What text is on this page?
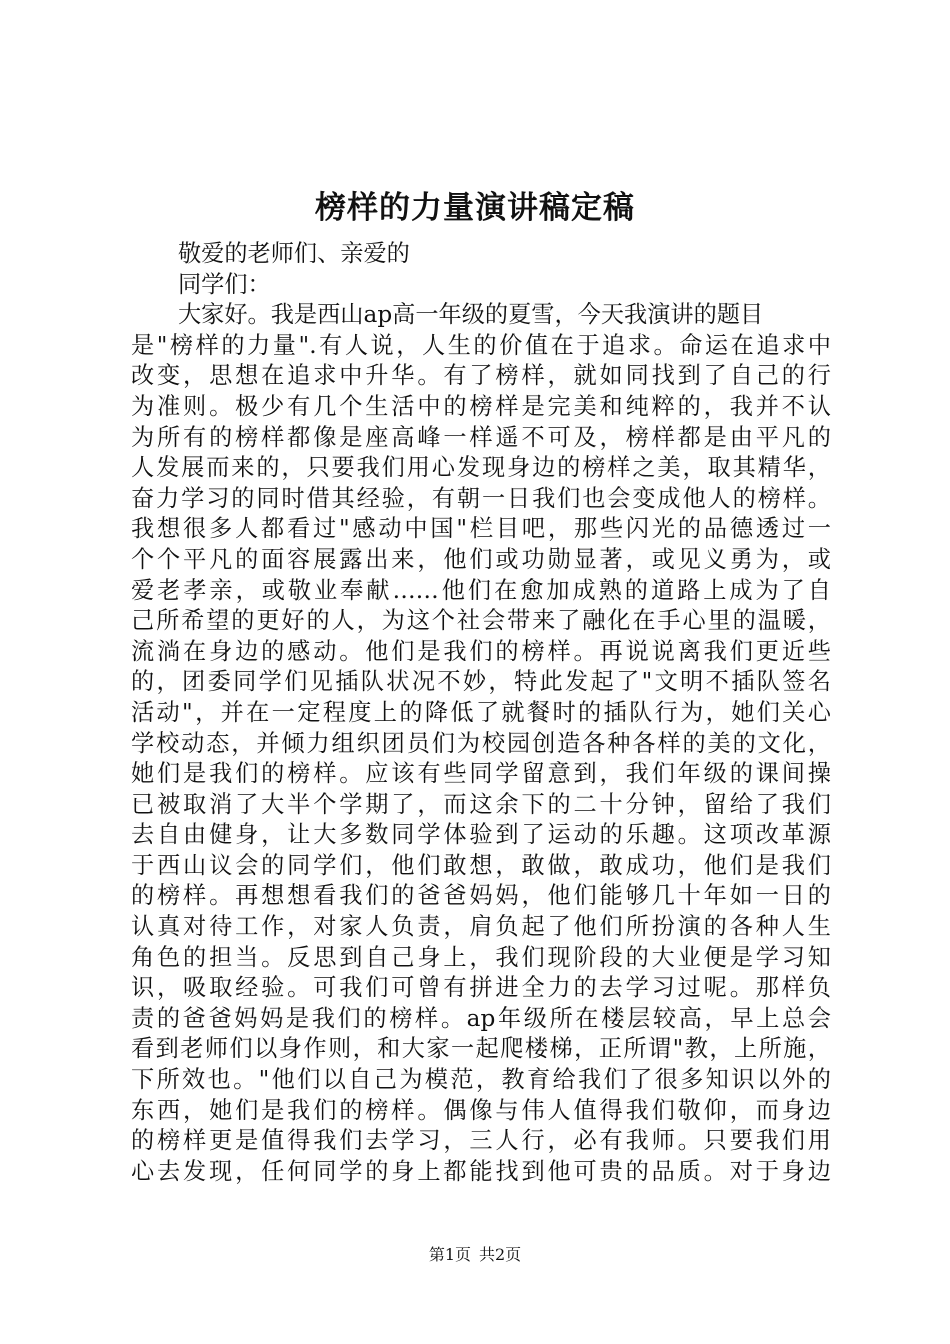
榜样的力量演讲稿定稿
敬爱的老师们、亲爱的
同学们：
大家好。我是西山ap高一年级的夏雪，今天我演讲的题目
是"榜样的力量".有人说，人生的价值在于追求。命运在追求中
改变，思想在追求中升华。有了榜样，就如同找到了自己的行
为准则。极少有几个生活中的榜样是完美和纯粹的，我并不认
为所有的榜样都像是座高峰一样遥不可及，榜样都是由平凡的
人发展而来的，只要我们用心发现身边的榜样之美，取其精华，
奋力学习的同时借其经验，有朝一日我们也会变成他人的榜样。
我想很多人都看过"感动中国"栏目吧，那些闪光的品德透过一
个个平凡的面容展露出来，他们或功勋显著，或见义勇为，或
爱老孝亲，或敬业奉献……他们在愈加成熟的道路上成为了自
己所希望的更好的人，为这个社会带来了融化在手心里的温暖，
流淌在身边的感动。他们是我们的榜样。再说说离我们更近些
的，团委同学们见插队状况不妙，特此发起了"文明不插队签名
活动"，并在一定程度上的降低了就餐时的插队行为，她们关心
学校动态，并倾力组织团员们为校园创造各种各样的美的文化，
她们是我们的榜样。应该有些同学留意到，我们年级的课间操
已被取消了大半个学期了，而这余下的二十分钟，留给了我们
去自由健身，让大多数同学体验到了运动的乐趣。这项改革源
于西山议会的同学们，他们敢想，敢做，敢成功，他们是我们
的榜样。再想想看我们的爸爸妈妈，他们能够几十年如一日的
认真对待工作，对家人负责，肩负起了他们所扮演的各种人生
角色的担当。反思到自己身上，我们现阶段的大业便是学习知
识，吸取经验。可我们可曾有拼进全力的去学习过呢。那样负
责的爸爸妈妈是我们的榜样。ap年级所在楼层较高，早上总会
看到老师们以身作则，和大家一起爬楼梯，正所谓"教，上所施，
下所效也。"他们以自己为模范，教育给我们了很多知识以外的
东西，她们是我们的榜样。偶像与伟人值得我们敬仰，而身边
的榜样更是值得我们去学习，三人行，必有我师。只要我们用
心去发现，任何同学的身上都能找到他可贵的品质。对于身边
第1页 共2页
